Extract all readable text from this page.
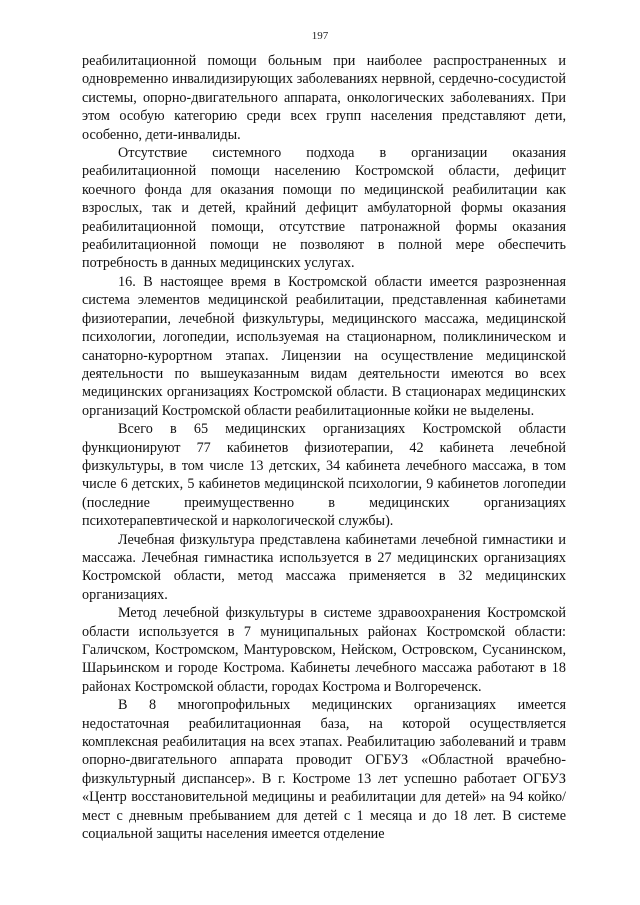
197

реабилитационной помощи больным при наиболее распространенных и одновременно инвалидизирующих заболеваниях нервной, сердечно-сосудистой системы, опорно-двигательного аппарата, онкологических заболеваниях. При этом особую категорию среди всех групп населения представляют дети, особенно, дети-инвалиды.

Отсутствие системного подхода в организации оказания реабилитационной помощи населению Костромской области, дефицит коечного фонда для оказания помощи по медицинской реабилитации как взрослых, так и детей, крайний дефицит амбулаторной формы оказания реабилитационной помощи, отсутствие патронажной формы оказания реабилитационной помощи не позволяют в полной мере обеспечить потребность в данных медицинских услугах.

16. В настоящее время в Костромской области имеется разрозненная система элементов медицинской реабилитации, представленная кабинетами физиотерапии, лечебной физкультуры, медицинского массажа, медицинской психологии, логопедии, используемая на стационарном, поликлиническом и санаторно-курортном этапах. Лицензии на осуществление медицинской деятельности по вышеуказанным видам деятельности имеются во всех медицинских организациях Костромской области. В стационарах медицинских организаций Костромской области реабилитационные койки не выделены.

Всего в 65 медицинских организациях Костромской области функционируют 77 кабинетов физиотерапии, 42 кабинета лечебной физкультуры, в том числе 13 детских, 34 кабинета лечебного массажа, в том числе 6 детских, 5 кабинетов медицинской психологии, 9 кабинетов логопедии (последние преимущественно в медицинских организациях психотерапевтической и наркологической службы).

Лечебная физкультура представлена кабинетами лечебной гимнастики и массажа. Лечебная гимнастика используется в 27 медицинских организациях Костромской области, метод массажа применяется в 32 медицинских организациях.

Метод лечебной физкультуры в системе здравоохранения Костромской области используется в 7 муниципальных районах Костромской области: Галичском, Костромском, Мантуровском, Нейском, Островском, Сусанинском, Шарьинском и городе Кострома. Кабинеты лечебного массажа работают в 18 районах Костромской области, городах Кострома и Волгореченск.

В 8 многопрофильных медицинских организациях имеется недостаточная реабилитационная база, на которой осуществляется комплексная реабилитация на всех этапах. Реабилитацию заболеваний и травм опорно-двигательного аппарата проводит ОГБУЗ «Областной врачебно-физкультурный диспансер». В г. Костроме 13 лет успешно работает ОГБУЗ «Центр восстановительной медицины и реабилитации для детей» на 94 койко/мест с дневным пребыванием для детей с 1 месяца и до 18 лет. В системе социальной защиты населения имеется отделение
